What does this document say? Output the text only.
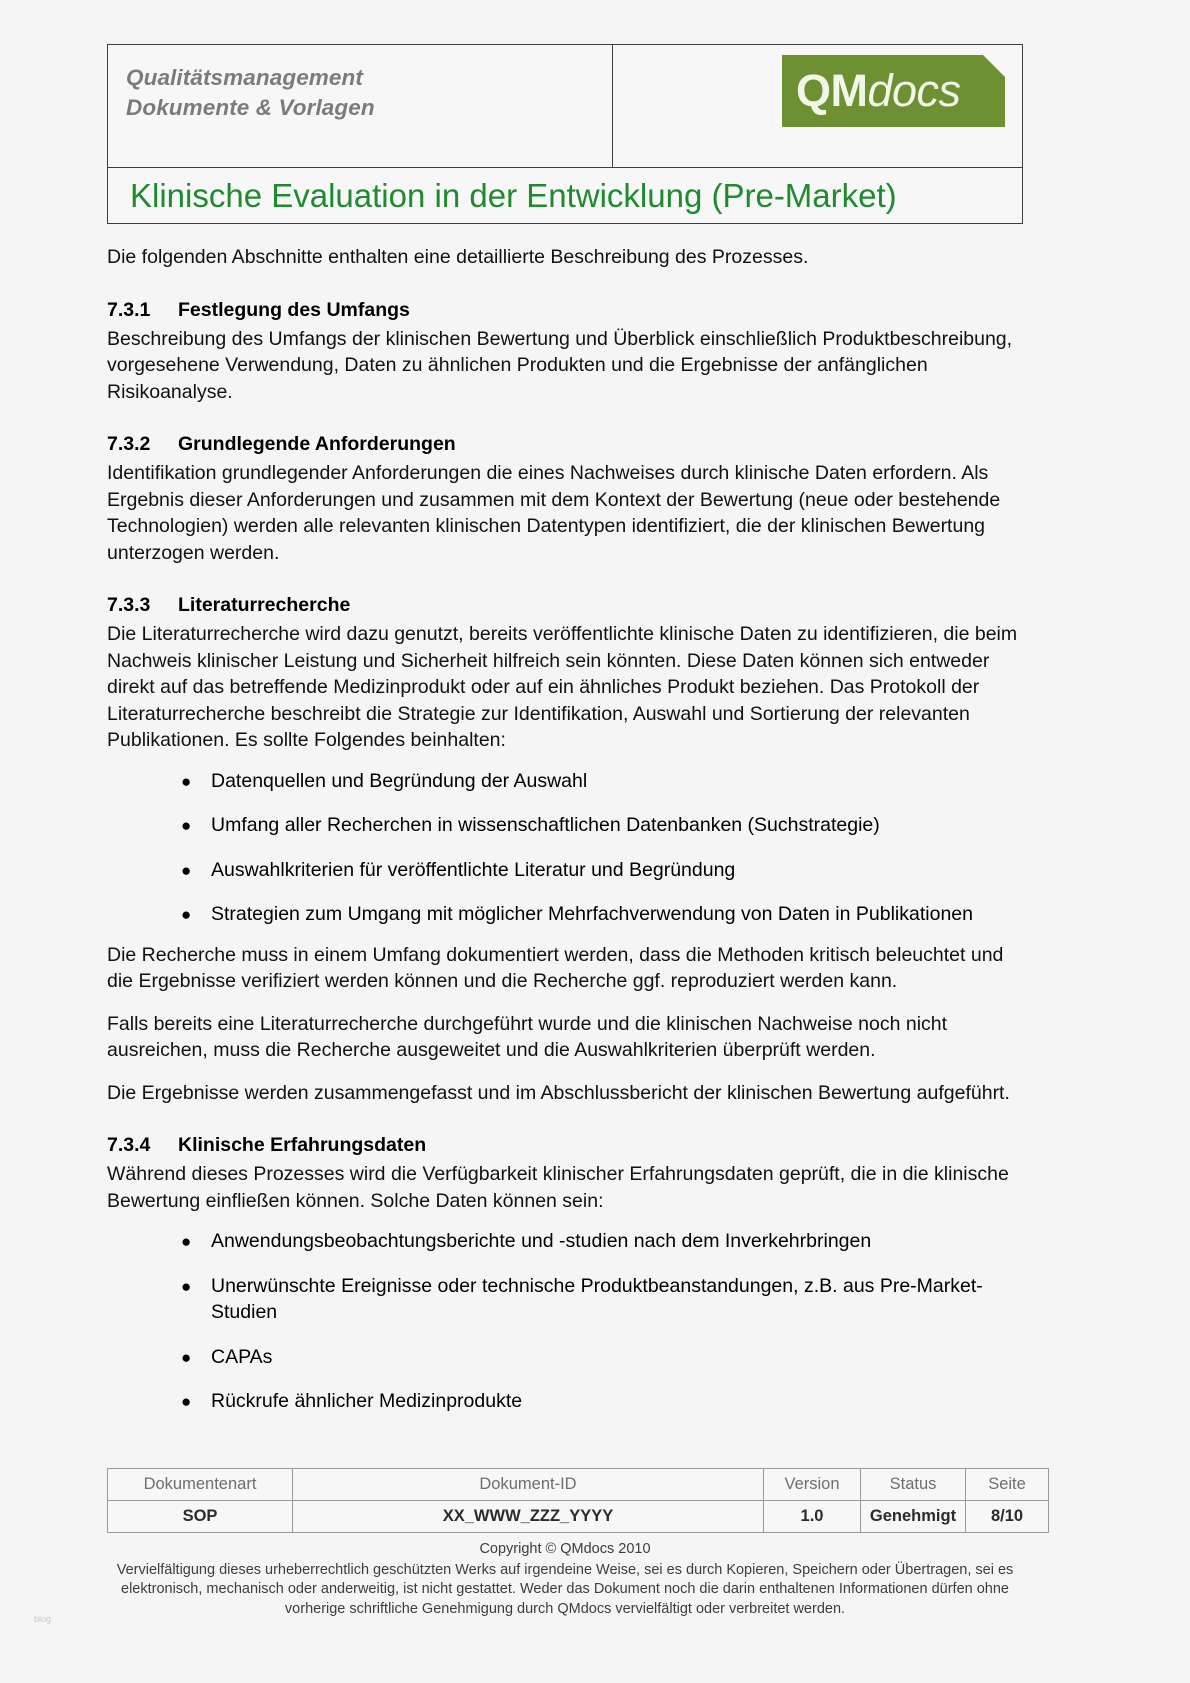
Qualitätsmanagement
Dokumente & Vorlagen	QMdocs
Klinische Evaluation in der Entwicklung (Pre-Market)

Die folgenden Abschnitte enthalten eine detaillierte Beschreibung des Prozesses.

7.3.1	Festlegung des Umfangs

Beschreibung des Umfangs der klinischen Bewertung und Überblick einschließlich Produktbeschreibung, vorgesehene Verwendung, Daten zu ähnlichen Produkten und die Ergebnisse der anfänglichen Risikoanalyse.

7.3.2	Grundlegende Anforderungen

Identifikation grundlegender Anforderungen die eines Nachweises durch klinische Daten erfordern. Als Ergebnis dieser Anforderungen und zusammen mit dem Kontext der Bewertung (neue oder bestehende Technologien) werden alle relevanten klinischen Datentypen identifiziert, die der klinischen Bewertung unterzogen werden.

7.3.3	Literaturrecherche

Die Literaturrecherche wird dazu genutzt, bereits veröffentlichte klinische Daten zu identifizieren, die beim Nachweis klinischer Leistung und Sicherheit hilfreich sein könnten. Diese Daten können sich entweder direkt auf das betreffende Medizinprodukt oder auf ein ähnliches Produkt beziehen. Das Protokoll der Literaturrecherche beschreibt die Strategie zur Identifikation, Auswahl und Sortierung der relevanten Publikationen. Es sollte Folgendes beinhalten:

● Datenquellen und Begründung der Auswahl
● Umfang aller Recherchen in wissenschaftlichen Datenbanken (Suchstrategie)
● Auswahlkriterien für veröffentlichte Literatur und Begründung
● Strategien zum Umgang mit möglicher Mehrfachverwendung von Daten in Publikationen

Die Recherche muss in einem Umfang dokumentiert werden, dass die Methoden kritisch beleuchtet und die Ergebnisse verifiziert werden können und die Recherche ggf. reproduziert werden kann.

Falls bereits eine Literaturrecherche durchgeführt wurde und die klinischen Nachweise noch nicht ausreichen, muss die Recherche ausgeweitet und die Auswahlkriterien überprüft werden.

Die Ergebnisse werden zusammengefasst und im Abschlussbericht der klinischen Bewertung aufgeführt.

7.3.4	Klinische Erfahrungsdaten

Während dieses Prozesses wird die Verfügbarkeit klinischer Erfahrungsdaten geprüft, die in die klinische Bewertung einfließen können. Solche Daten können sein:

● Anwendungsbeobachtungsberichte und -studien nach dem Inverkehrbringen
● Unerwünschte Ereignisse oder technische Produktbeanstandungen, z.B. aus Pre-Market-Studien
● CAPAs
● Rückrufe ähnlicher Medizinprodukte
Dokumentenart	Dokument-ID	Version	Status	Seite
SOP	XX_WWW_ZZZ_YYYY	1.0	Genehmigt	8/10
Copyright © QMdocs 2010
Vervielfältigung dieses urheberrechtlich geschützten Werks auf irgendeine Weise, sei es durch Kopieren, Speichern oder Übertragen, sei es elektronisch, mechanisch oder anderweitig, ist nicht gestattet. Weder das Dokument noch die darin enthaltenen Informationen dürfen ohne vorherige schriftliche Genehmigung durch QMdocs vervielfältigt oder verbreitet werden.
blog
